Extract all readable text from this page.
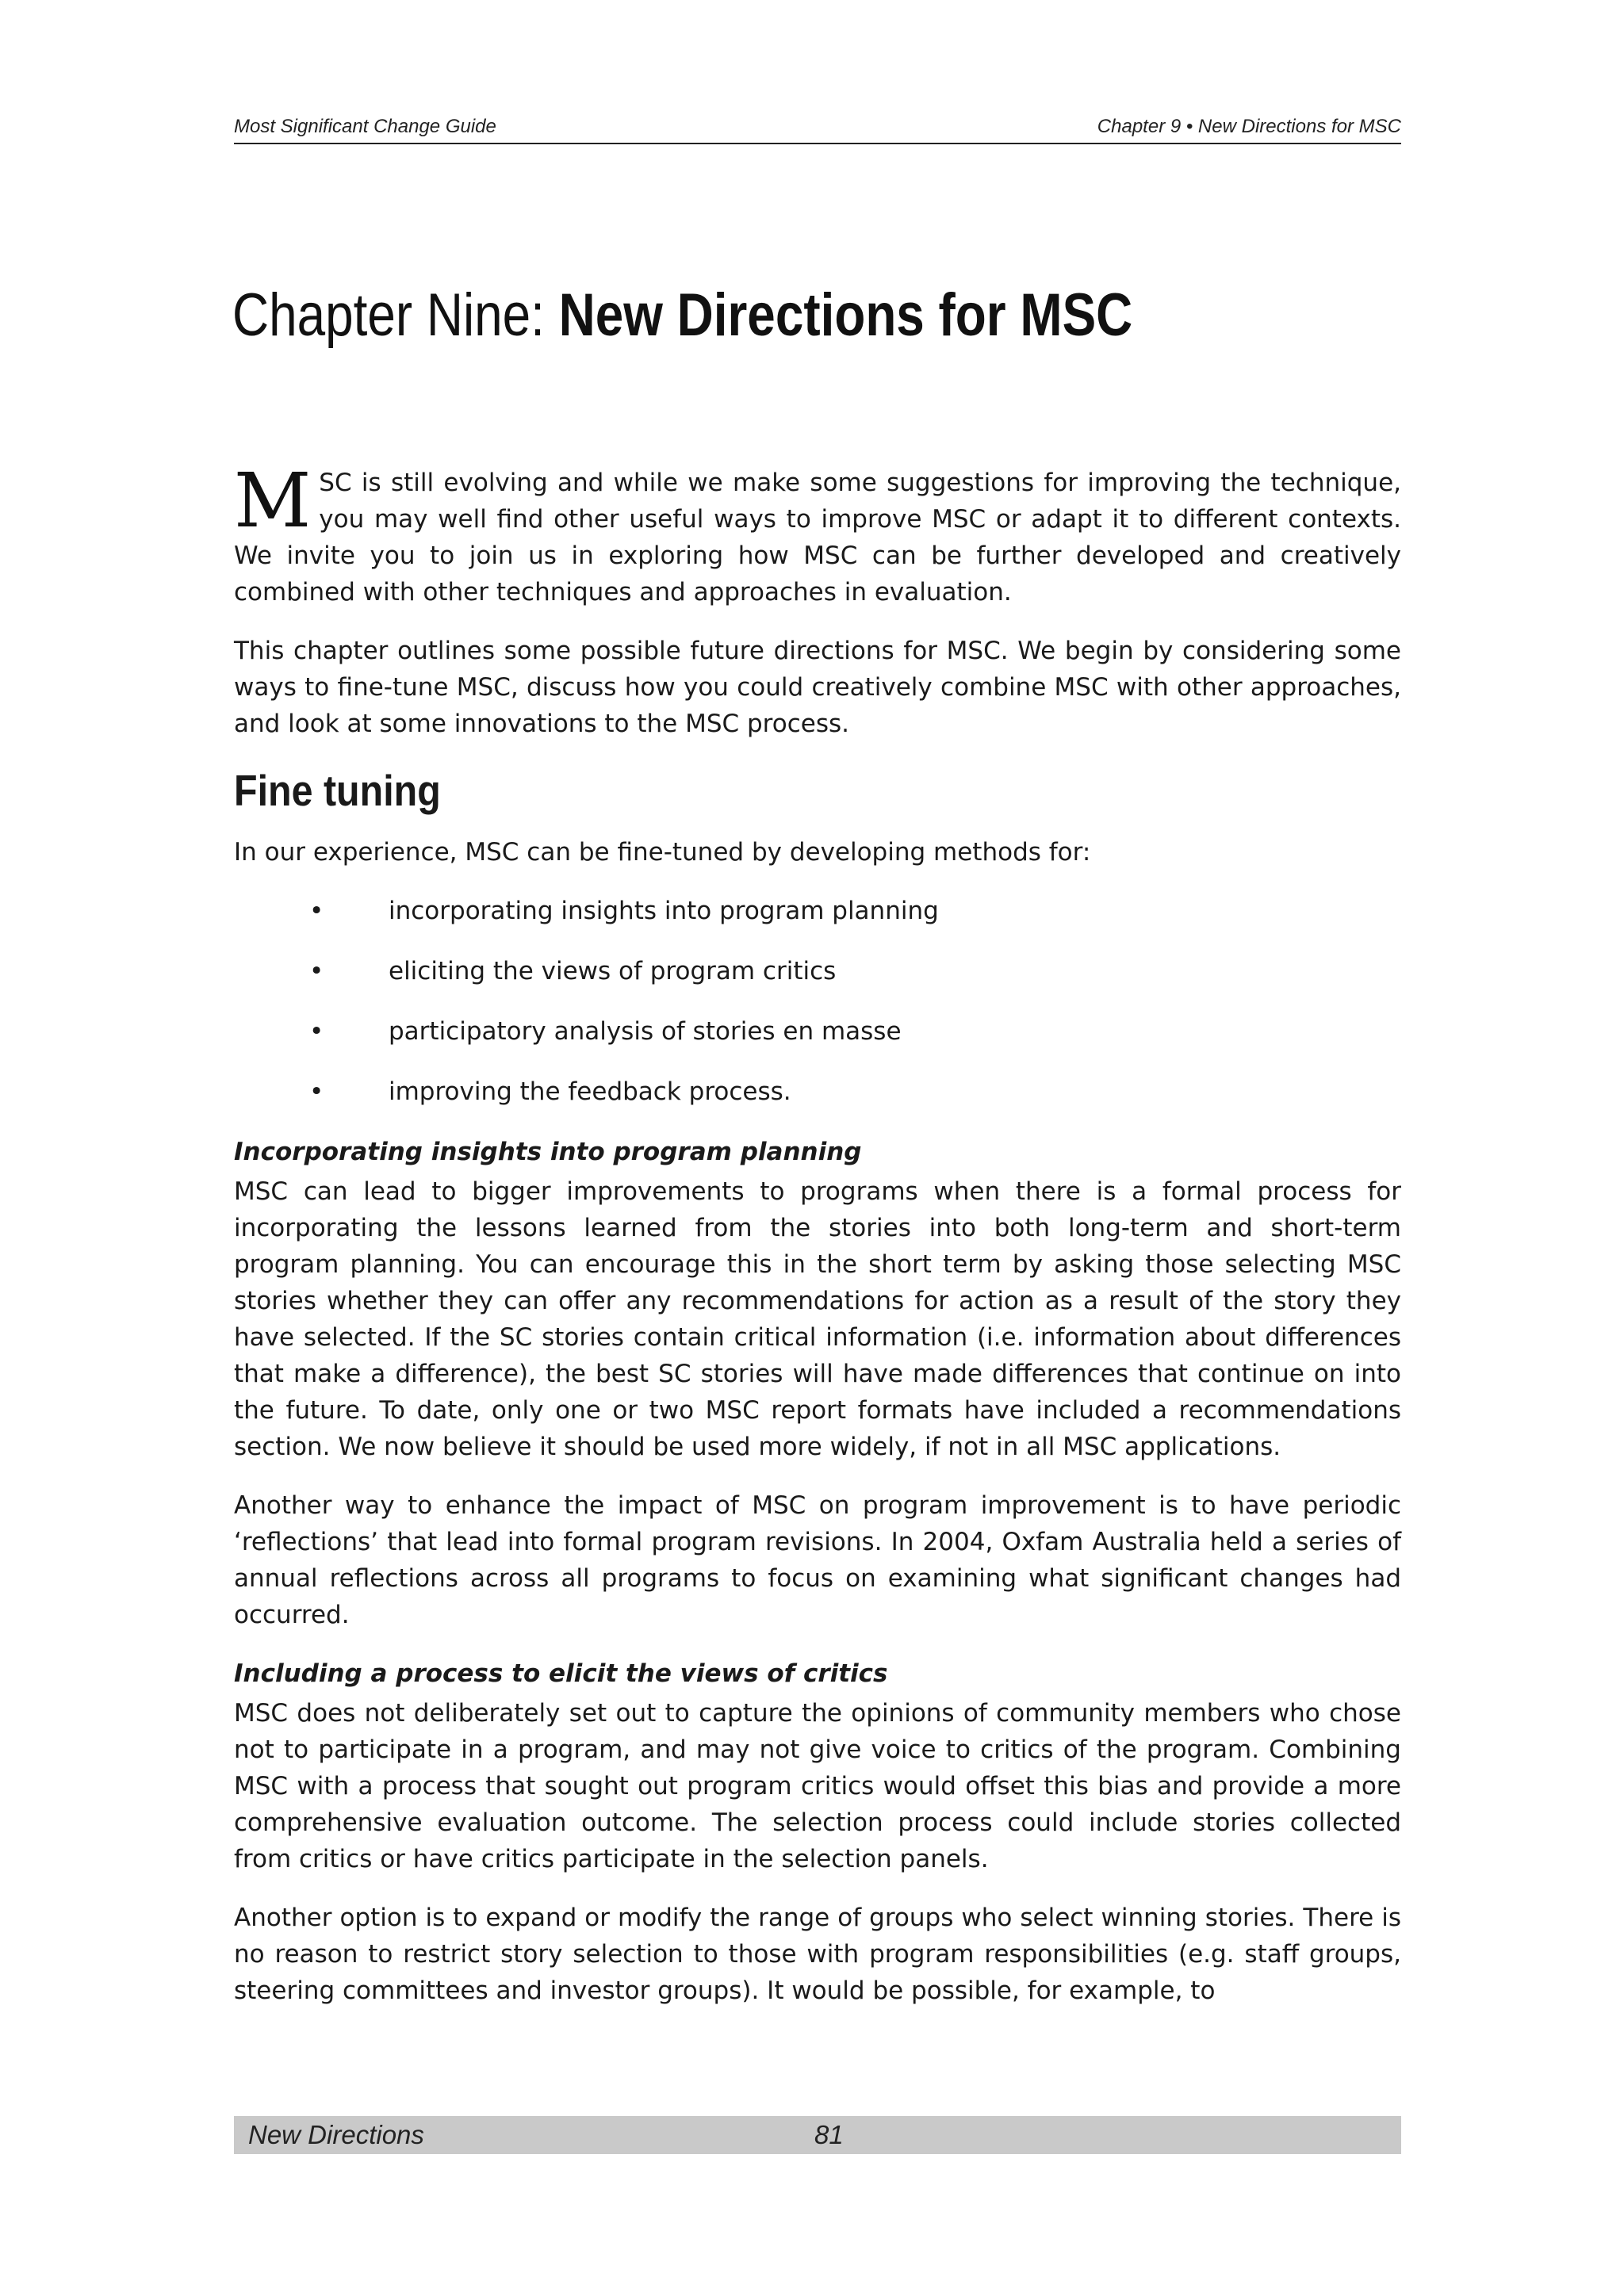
Most Significant Change Guide	Chapter 9 • New Directions for MSC
Chapter Nine: New Directions for MSC

MSC is still evolving and while we make some suggestions for improving the technique, you may well find other useful ways to improve MSC or adapt it to different contexts. We invite you to join us in exploring how MSC can be further developed and creatively combined with other techniques and approaches in evaluation.

This chapter outlines some possible future directions for MSC. We begin by considering some ways to fine-tune MSC, discuss how you could creatively combine MSC with other approaches, and look at some innovations to the MSC process.

Fine tuning

In our experience, MSC can be fine-tuned by developing methods for:

•	incorporating insights into program planning
•	eliciting the views of program critics
•	participatory analysis of stories en masse
•	improving the feedback process.
Incorporating insights into program planning

MSC can lead to bigger improvements to programs when there is a formal process for incorporating the lessons learned from the stories into both long-term and short-term program planning. You can encourage this in the short term by asking those selecting MSC stories whether they can offer any recommendations for action as a result of the story they have selected. If the SC stories contain critical information (i.e. information about differences that make a difference), the best SC stories will have made differences that continue on into the future. To date, only one or two MSC report formats have included a recommendations section. We now believe it should be used more widely, if not in all MSC applications.

Another way to enhance the impact of MSC on program improvement is to have periodic ‘reflections’ that lead into formal program revisions. In 2004, Oxfam Australia held a series of annual reflections across all programs to focus on examining what significant changes had occurred.

Including a process to elicit the views of critics

MSC does not deliberately set out to capture the opinions of community members who chose not to participate in a program, and may not give voice to critics of the program. Combining MSC with a process that sought out program critics would offset this bias and provide a more comprehensive evaluation outcome. The selection process could include stories collected from critics or have critics participate in the selection panels.

Another option is to expand or modify the range of groups who select winning stories. There is no reason to restrict story selection to those with program responsibilities (e.g. staff groups, steering committees and investor groups). It would be possible, for example, to

New Directions	81
